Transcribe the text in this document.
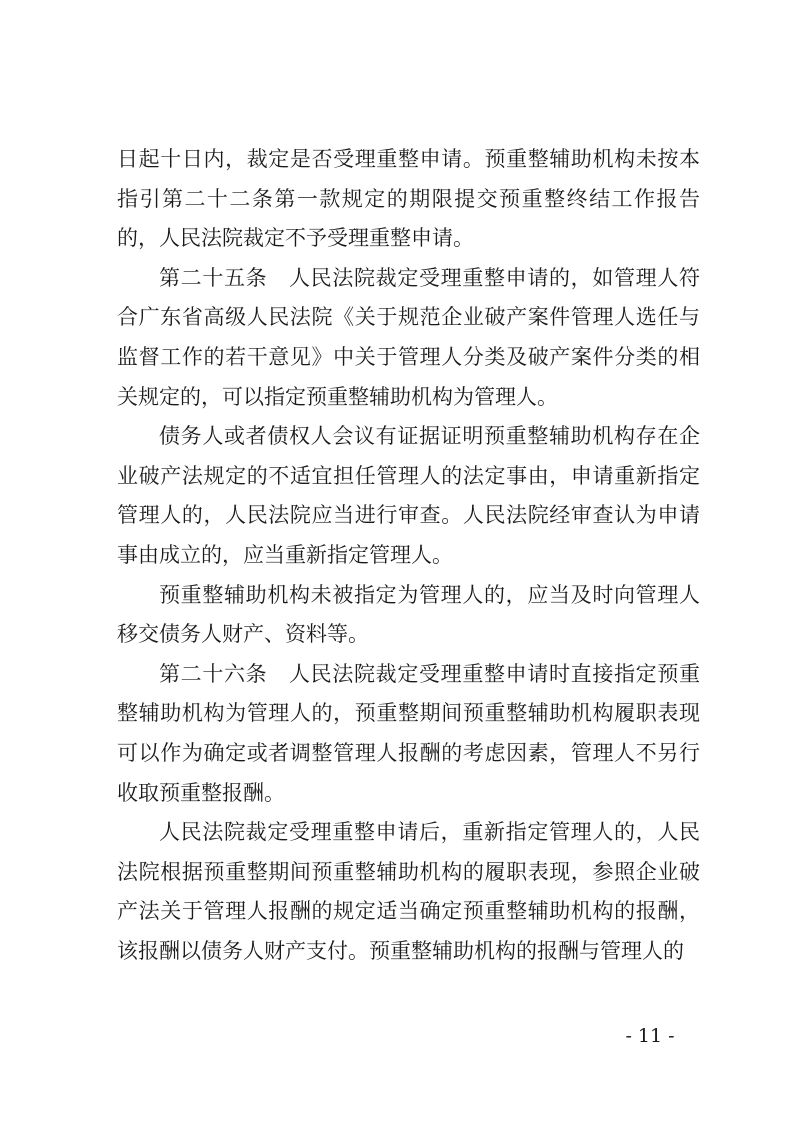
日起十日内，裁定是否受理重整申请。预重整辅助机构未按本指引第二十二条第一款规定的期限提交预重整终结工作报告的，人民法院裁定不予受理重整申请。

第二十五条　人民法院裁定受理重整申请的，如管理人符合广东省高级人民法院《关于规范企业破产案件管理人选任与监督工作的若干意见》中关于管理人分类及破产案件分类的相关规定的，可以指定预重整辅助机构为管理人。

债务人或者债权人会议有证据证明预重整辅助机构存在企业破产法规定的不适宜担任管理人的法定事由，申请重新指定管理人的，人民法院应当进行审查。人民法院经审查认为申请事由成立的，应当重新指定管理人。

预重整辅助机构未被指定为管理人的，应当及时向管理人移交债务人财产、资料等。

第二十六条　人民法院裁定受理重整申请时直接指定预重整辅助机构为管理人的，预重整期间预重整辅助机构履职表现可以作为确定或者调整管理人报酬的考虑因素，管理人不另行收取预重整报酬。

人民法院裁定受理重整申请后，重新指定管理人的，人民法院根据预重整期间预重整辅助机构的履职表现，参照企业破产法关于管理人报酬的规定适当确定预重整辅助机构的报酬，该报酬以债务人财产支付。预重整辅助机构的报酬与管理人的

- 11 -
